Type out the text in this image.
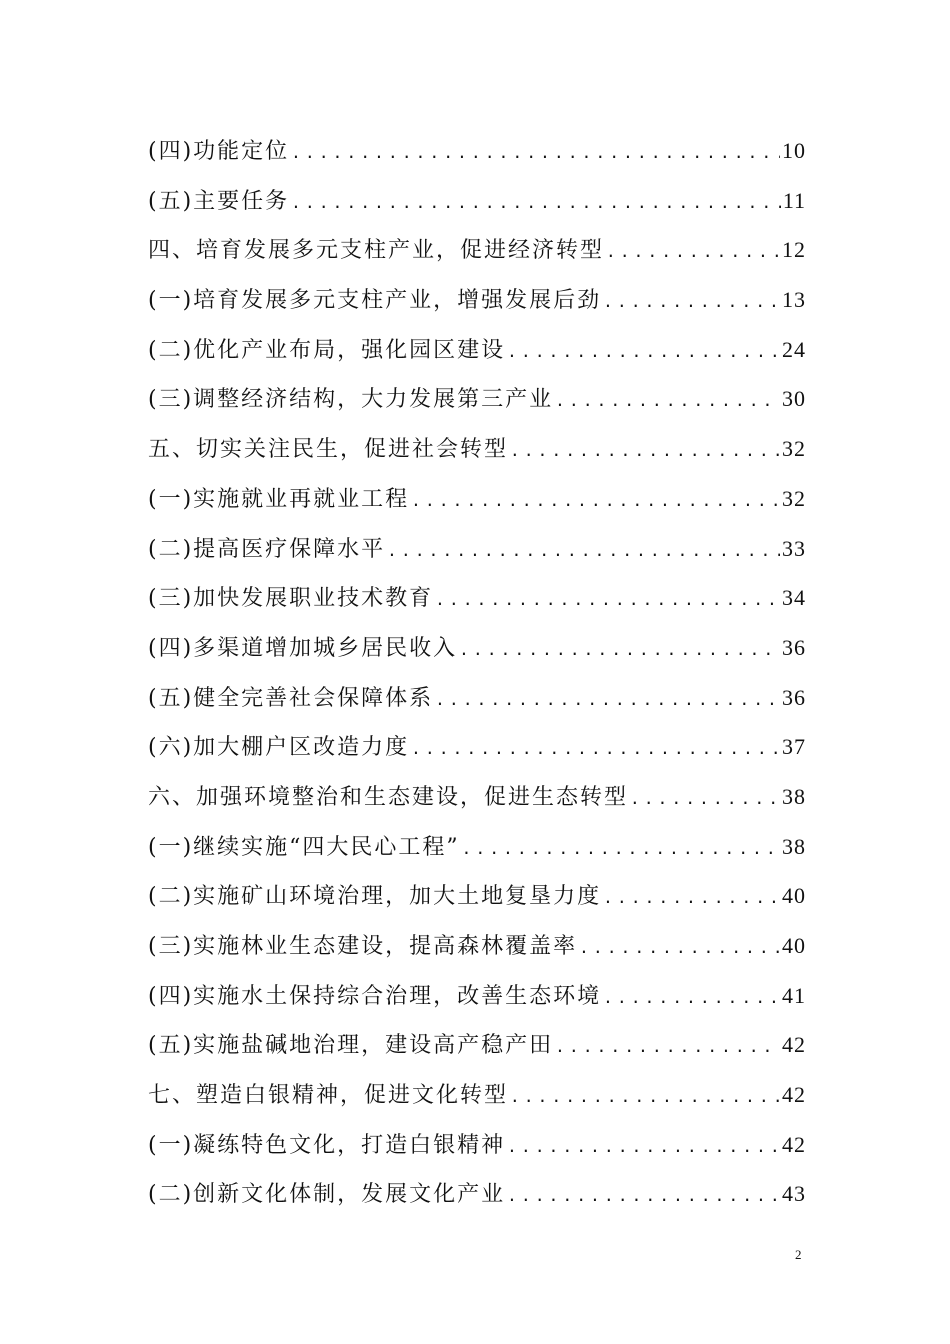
(四)功能定位 .....	10
(五)主要任务 .....	11
四、培育发展多元支柱产业，促进经济转型 .....	12
(一)培育发展多元支柱产业，增强发展后劲 .....	13
(二)优化产业布局，强化园区建设 .....	24
(三)调整经济结构，大力发展第三产业 .....	30
五、切实关注民生，促进社会转型 .....	32
(一)实施就业再就业工程 .....	32
(二)提高医疗保障水平 .....	33
(三)加快发展职业技术教育 .....	34
(四)多渠道增加城乡居民收入 .....	36
(五)健全完善社会保障体系 .....	36
(六)加大棚户区改造力度 .....	37
六、加强环境整治和生态建设，促进生态转型 .....	38
(一)继续实施“四大民心工程” .....	38
(二)实施矿山环境治理，加大土地复垦力度 .....	40
(三)实施林业生态建设，提高森林覆盖率 .....	40
(四)实施水土保持综合治理，改善生态环境 .....	41
(五)实施盐碱地治理，建设高产稳产田 .....	42
七、塑造白银精神，促进文化转型 .....	42
(一)凝练特色文化，打造白银精神 .....	42
(二)创新文化体制，发展文化产业 .....	43
2
